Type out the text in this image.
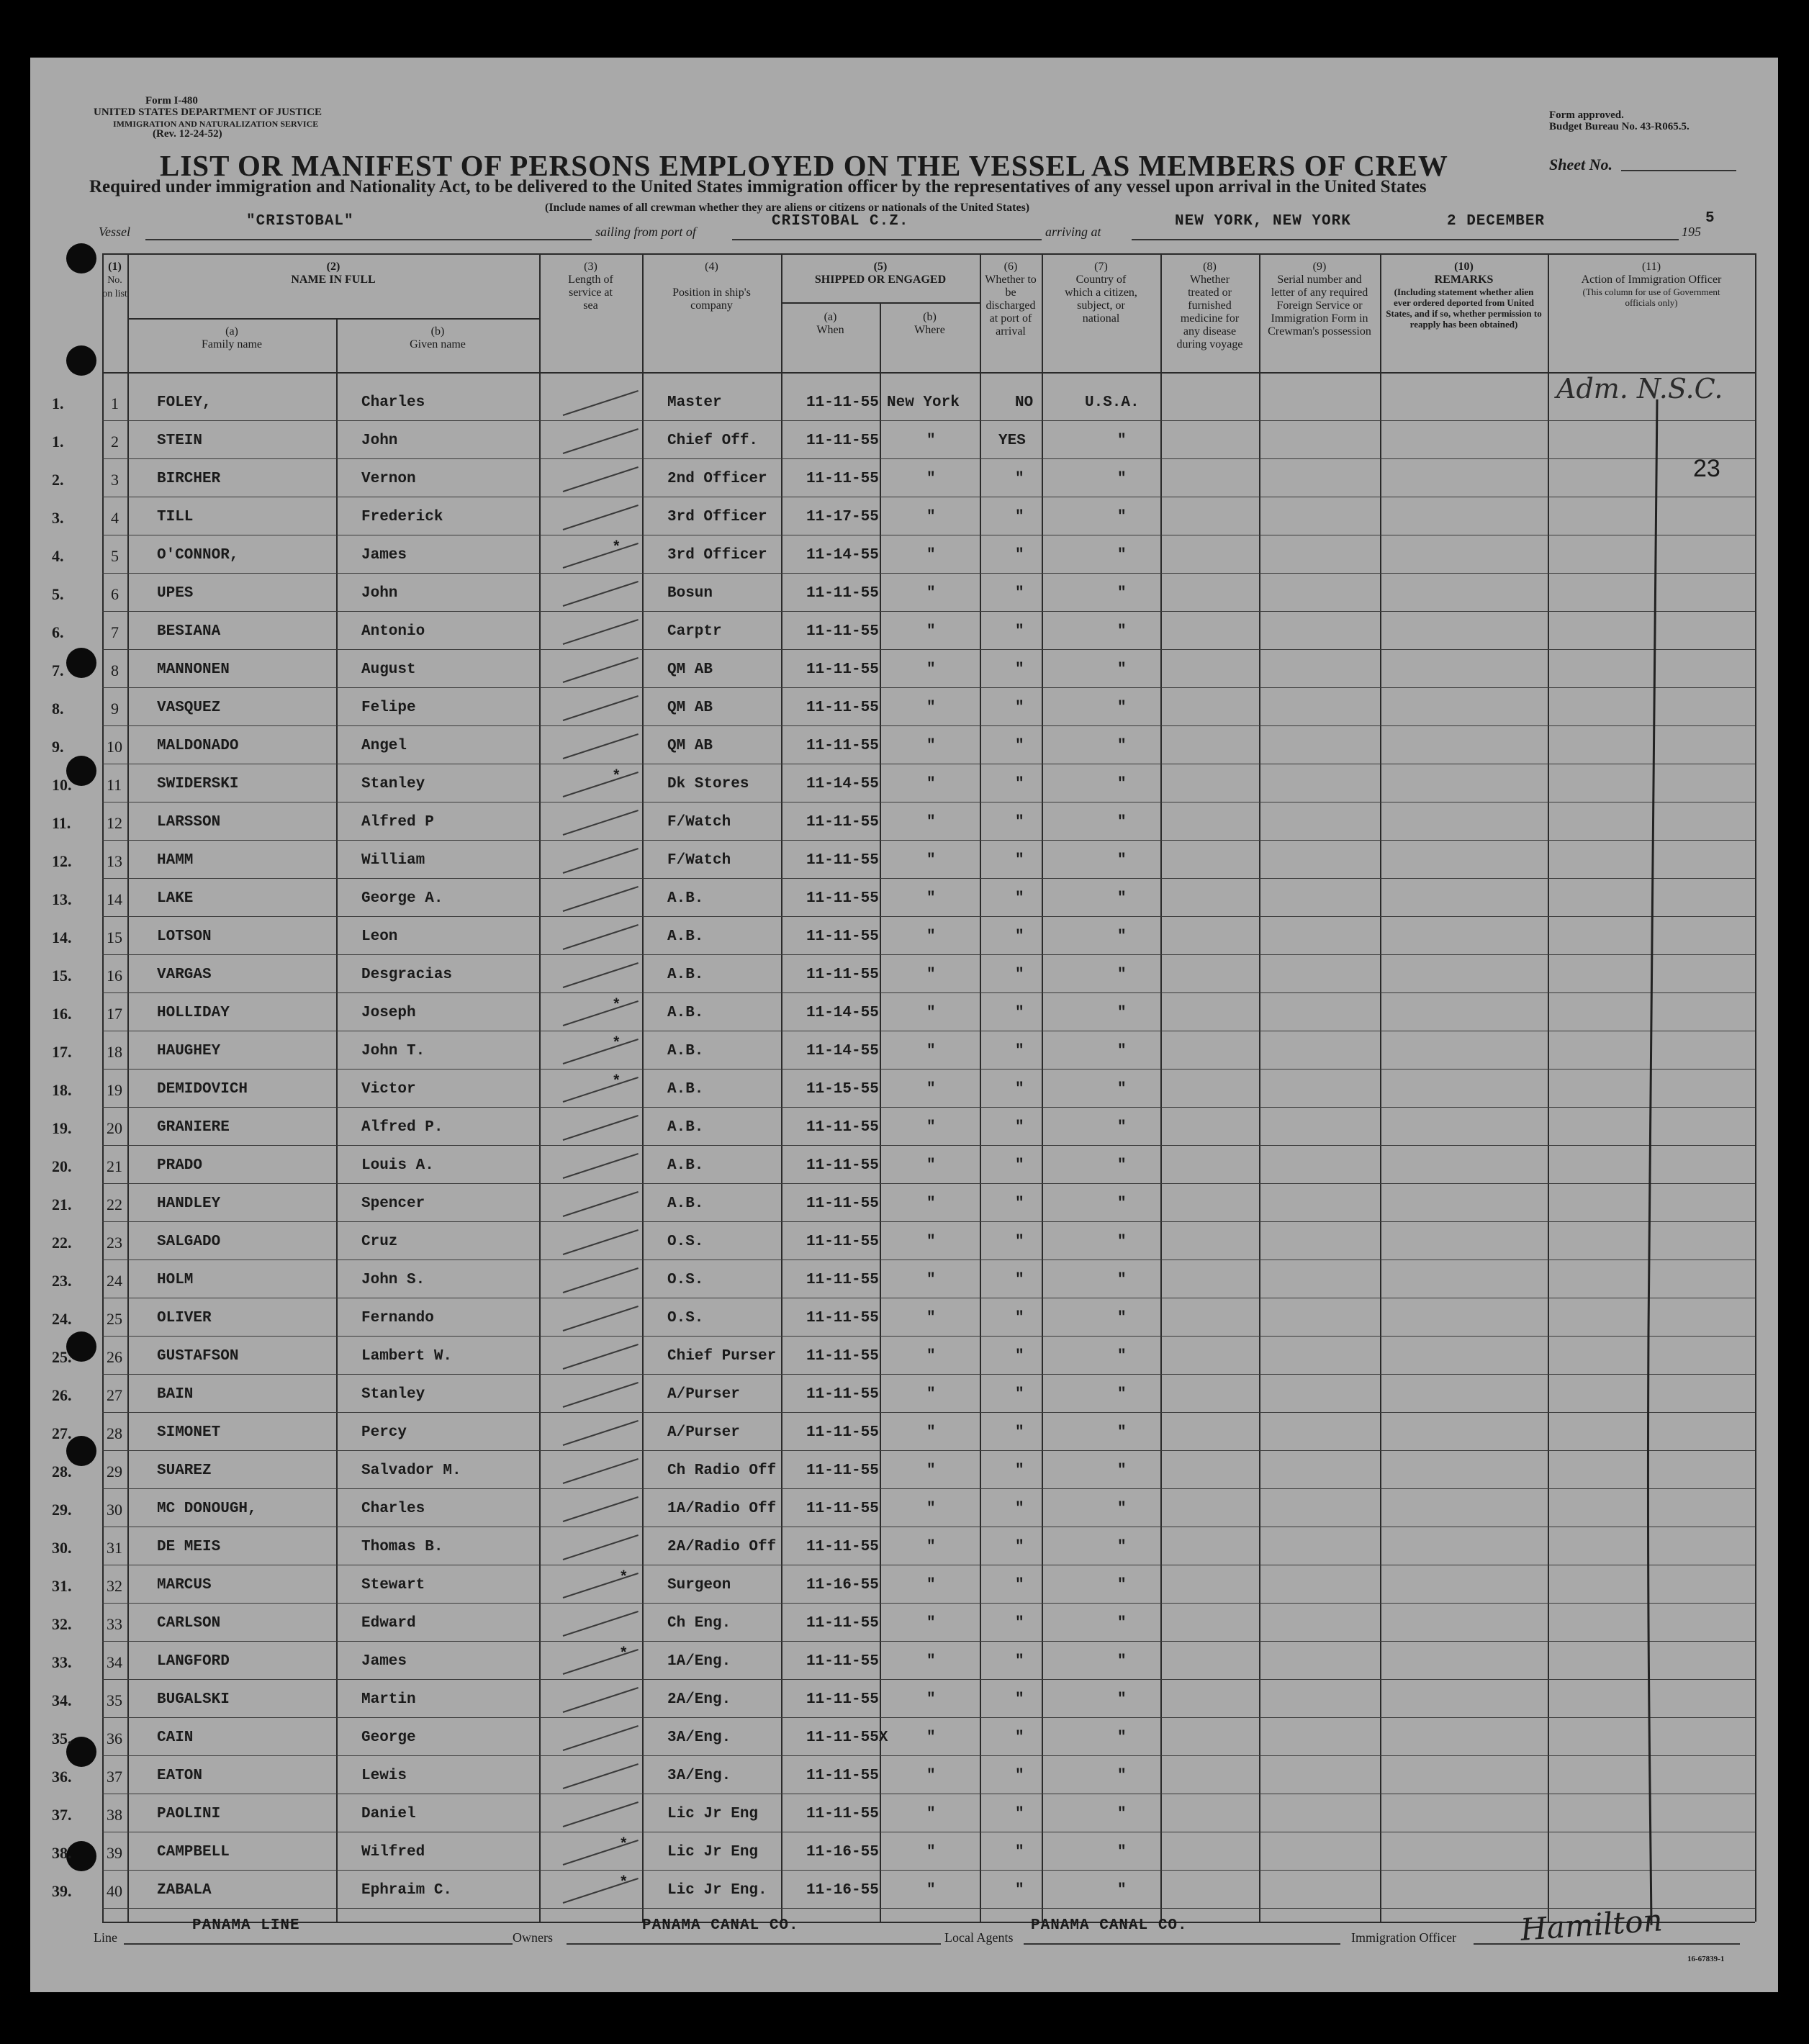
Form I-480
UNITED STATES DEPARTMENT OF JUSTICE
IMMIGRATION AND NATURALIZATION SERVICE
(Rev. 12-24-52)
Form approved.
Budget Bureau No. 43-R065.5.
LIST OR MANIFEST OF PERSONS EMPLOYED ON THE VESSEL AS MEMBERS OF CREW	Sheet No.
Required under immigration and Nationality Act, to be delivered to the United States immigration officer by the representatives of any vessel upon arrival in the United States
(Include names of all crewman whether they are aliens or citizens or nationals of the United States)
Vessel
"CRISTOBAL"
sailing from port of
CRISTOBAL C.Z.
arriving at
NEW YORK, NEW YORK	2 DECEMBER
195
5
(1)
No. on list
(2)
NAME IN FULL
(a)
Family name
(b)
Given name
(3)
Length of service at sea
(4)

Position in ship's company
(5)
SHIPPED OR ENGAGED
(a)
When
(b)
Where
(6)
Whether to be discharged at port of arrival
(7)
Country of which a citizen, subject, or national
(8)
Whether treated or furnished medicine for any disease during voyage
(9)
Serial number and letter of any required Foreign Service or Immigration Form in Crewman's possession
(10)
REMARKS
(Including statement whether alien ever ordered deported from United States, and if so, whether permission to reapply has been obtained)
(11)
Action of Immigration Officer
(This column for use of Government officials only)
1.	1	FOLEY,	Charles	Master	11-11-55 New York	NO	U.S.A.
1.	2	STEIN	John	Chief Off.	11-11-55	"	YES	"
2.	3	BIRCHER	Vernon	2nd Officer	11-11-55	"	"	"
3.	4	TILL	Frederick	3rd Officer	11-17-55	"	"	"
4.	5	O'CONNOR,	James	3rd Officer	11-14-55	"	"	"
*
5.	6	UPES	John	Bosun	11-11-55	"	"	"
6.	7	BESIANA	Antonio	Carptr	11-11-55	"	"	"
7.	8	MANNONEN	August	QM AB	11-11-55	"	"	"
8.	9	VASQUEZ	Felipe	QM AB	11-11-55	"	"	"
9.	10 MALDONADO	Angel	QM AB	11-11-55	"	"	"
10. 11 SWIDERSKI	Stanley	Dk Stores	11-14-55	"	"	"
*
11. 12 LARSSON	Alfred P	F/Watch	11-11-55	"	"	"
12. 13 HAMM	William	F/Watch	11-11-55	"	"	"
13. 14 LAKE	George A.	A.B.	11-11-55	"	"	"
14. 15 LOTSON	Leon	A.B.	11-11-55	"	"	"
15. 16 VARGAS	Desgracias	A.B.	11-11-55	"	"	"
16. 17 HOLLIDAY	Joseph	A.B.	11-14-55	"	"	"
*
17. 18 HAUGHEY	John T.	A.B.	11-14-55	"	"	"
*
18. 19 DEMIDOVICH	Victor	A.B.	11-15-55	"	"	"
*
19. 20 GRANIERE	Alfred P.	A.B.	11-11-55	"	"	"
20. 21 PRADO	Louis A.	A.B.	11-11-55	"	"	"
21. 22 HANDLEY	Spencer	A.B.	11-11-55	"	"	"
22. 23 SALGADO	Cruz	O.S.	11-11-55	"	"	"
23. 24 HOLM	John S.	O.S.	11-11-55	"	"	"
24. 25 OLIVER	Fernando	O.S.	11-11-55	"	"	"
25. 26 GUSTAFSON	Lambert W.	Chief Purser 11-11-55	"	"	"
26. 27 BAIN	Stanley	A/Purser	11-11-55	"	"	"
27. 28 SIMONET	Percy	A/Purser	11-11-55	"	"	"
28. 29 SUAREZ	Salvador M.	Ch Radio Off 11-11-55	"	"	"
29. 30 MC DONOUGH,	Charles	1A/Radio Off 11-11-55	"	"	"
30. 31 DE MEIS	Thomas B.	2A/Radio Off 11-11-55	"	"	"
31. 32 MARCUS	Stewart	Surgeon	11-16-55	"	"	"
*
32. 33 CARLSON	Edward	Ch Eng.	11-11-55	"	"	"
33. 34 LANGFORD	James	1A/Eng.	11-11-55	"	"	"
*
34. 35 BUGALSKI	Martin	2A/Eng.	11-11-55	"	"	"
35. 36 CAIN	George	3A/Eng.	11-11-55X	"	"	"
36. 37 EATON	Lewis	3A/Eng.	11-11-55	"	"	"
37. 38 PAOLINI	Daniel	Lic Jr Eng	11-11-55	"	"	"
38. 39 CAMPBELL	Wilfred	Lic Jr Eng	11-16-55	"	"	"
*
39. 40 ZABALA	Ephraim C.	Lic Jr Eng.	11-16-55	"	"	"
*
Adm. N.S.C.
23
Line
PANAMA LINE
Owners
PANAMA CANAL CO.
Local Agents
PANAMA CANAL CO.
Immigration Officer Hamilton
16-67839-1
